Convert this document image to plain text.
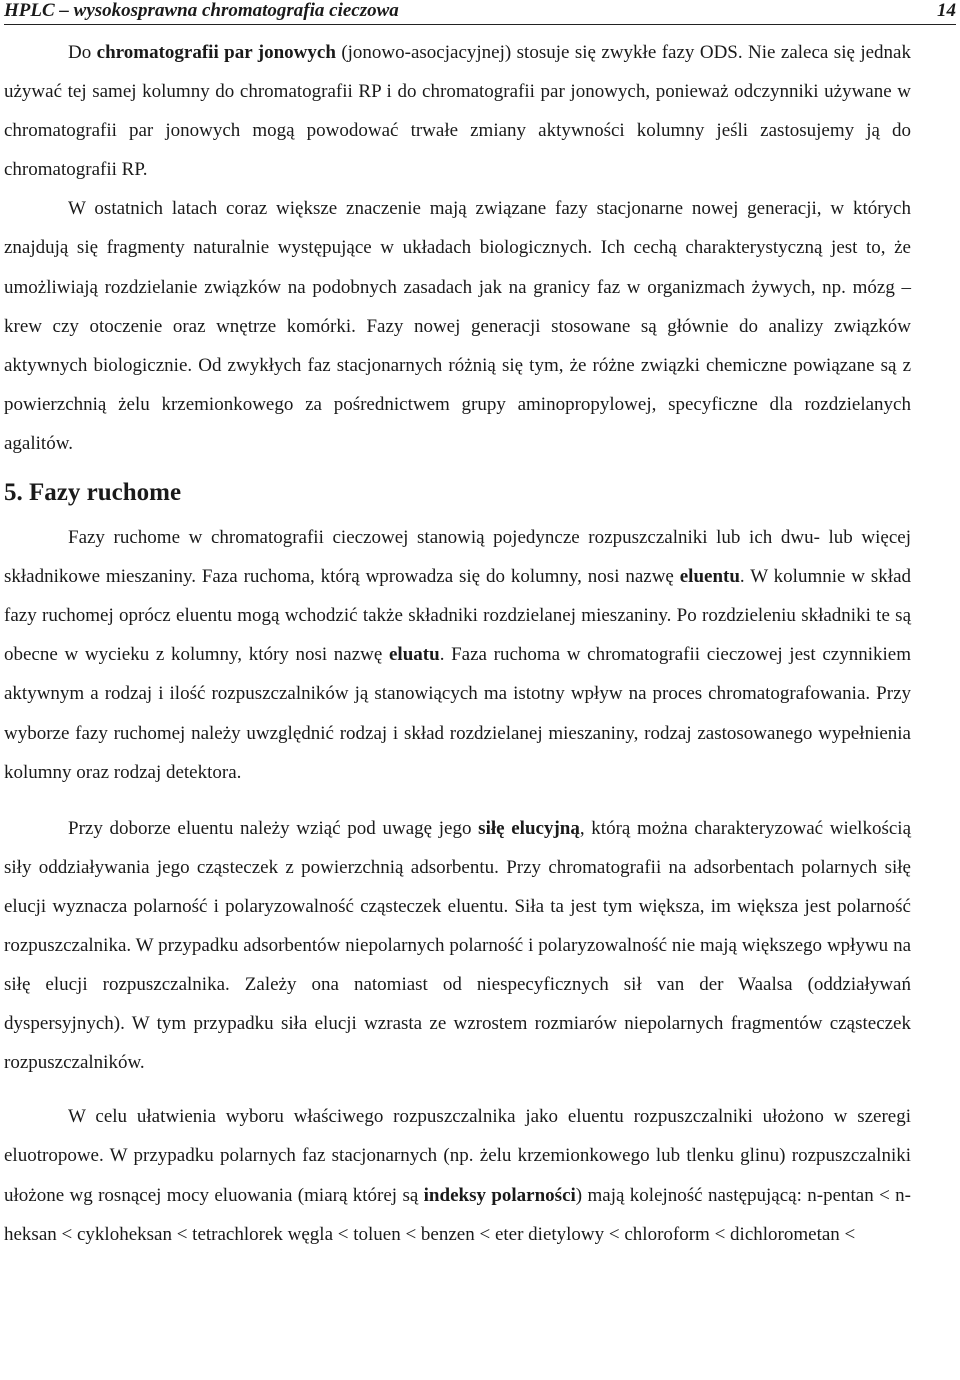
HPLC – wysokosprawna chromatografia cieczowa	14

Do chromatografii par jonowych (jonowo-asocjacyjnej) stosuje się zwykłe fazy ODS. Nie zaleca się jednak używać tej samej kolumny do chromatografii RP i do chromatografii par jonowych, ponieważ odczynniki używane w chromatografii par jonowych mogą powodować trwałe zmiany aktywności kolumny jeśli zastosujemy ją do chromatografii RP.

W ostatnich latach coraz większe znaczenie mają związane fazy stacjonarne nowej generacji, w których znajdują się fragmenty naturalnie występujące w układach biologicznych. Ich cechą charakterystyczną jest to, że umożliwiają rozdzielanie związków na podobnych zasadach jak na granicy faz w organizmach żywych, np. mózg – krew czy otoczenie oraz wnętrze komórki. Fazy nowej generacji stosowane są głównie do analizy związków aktywnych biologicznie. Od zwykłych faz stacjonarnych różnią się tym, że różne związki chemiczne powiązane są z powierzchnią żelu krzemionkowego za pośrednictwem grupy aminopropylowej, specyficzne dla rozdzielanych agalitów.

5. Fazy ruchome

Fazy ruchome w chromatografii cieczowej stanowią pojedyncze rozpuszczalniki lub ich dwu- lub więcej składnikowe mieszaniny. Faza ruchoma, którą wprowadza się do kolumny, nosi nazwę eluentu. W kolumnie w skład fazy ruchomej oprócz eluentu mogą wchodzić także składniki rozdzielanej mieszaniny. Po rozdzieleniu składniki te są obecne w wycieku z kolumny, który nosi nazwę eluatu. Faza ruchoma w chromatografii cieczowej jest czynnikiem aktywnym a rodzaj i ilość rozpuszczalników ją stanowiących ma istotny wpływ na proces chromatografowania. Przy wyborze fazy ruchomej należy uwzględnić rodzaj i skład rozdzielanej mieszaniny, rodzaj zastosowanego wypełnienia kolumny oraz rodzaj detektora.

Przy doborze eluentu należy wziąć pod uwagę jego siłę elucyjną, którą można charakteryzować wielkością siły oddziaływania jego cząsteczek z powierzchnią adsorbentu. Przy chromatografii na adsorbentach polarnych siłę elucji wyznacza polarność i polaryzowalność cząsteczek eluentu. Siła ta jest tym większa, im większa jest polarność rozpuszczalnika. W przypadku adsorbentów niepolarnych polarność i polaryzowalność nie mają większego wpływu na siłę elucji rozpuszczalnika. Zależy ona natomiast od niespecyficznych sił van der Waalsa (oddziaływań dyspersyjnych). W tym przypadku siła elucji wzrasta ze wzrostem rozmiarów niepolarnych fragmentów cząsteczek rozpuszczalników.

W celu ułatwienia wyboru właściwego rozpuszczalnika jako eluentu rozpuszczalniki ułożono w szeregi eluotropowe. W przypadku polarnych faz stacjonarnych (np. żelu krzemionkowego lub tlenku glinu) rozpuszczalniki ułożone wg rosnącej mocy eluowania (miarą której są indeksy polarności) mają kolejność następującą: n-pentan < n-heksan < cykloheksan < tetrachlorek węgla < toluen < benzen < eter dietylowy < chloroform < dichlorometan <
